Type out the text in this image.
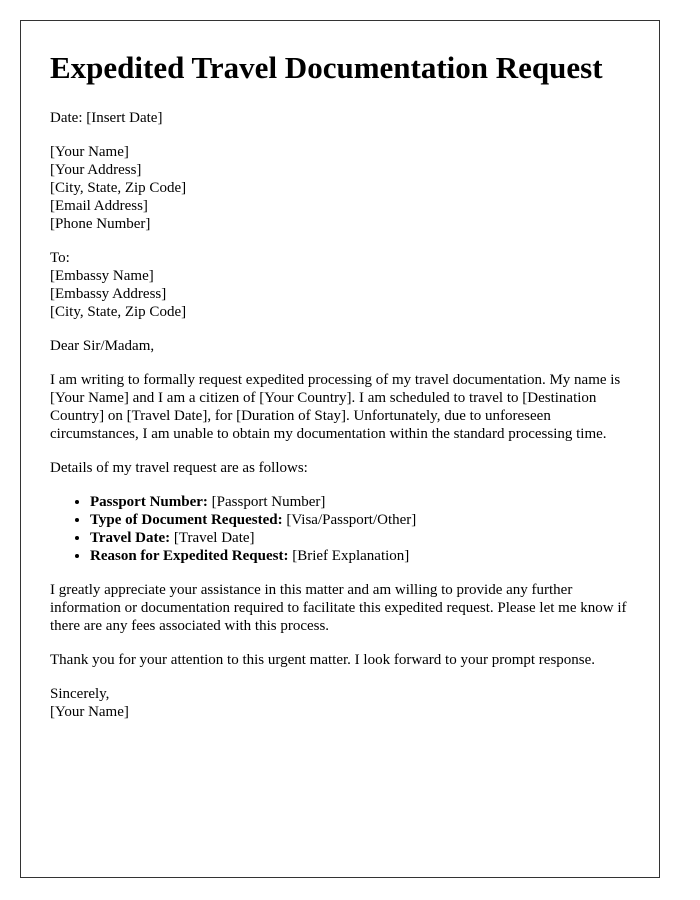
Expedited Travel Documentation Request

Date: [Insert Date]

[Your Name]
[Your Address]
[City, State, Zip Code]
[Email Address]
[Phone Number]

To:
[Embassy Name]
[Embassy Address]
[City, State, Zip Code]

Dear Sir/Madam,

I am writing to formally request expedited processing of my travel documentation. My name is [Your Name] and I am a citizen of [Your Country]. I am scheduled to travel to [Destination Country] on [Travel Date], for [Duration of Stay]. Unfortunately, due to unforeseen circumstances, I am unable to obtain my documentation within the standard processing time.

Details of my travel request are as follows:

• Passport Number: [Passport Number]
• Type of Document Requested: [Visa/Passport/Other]
• Travel Date: [Travel Date]
• Reason for Expedited Request: [Brief Explanation]

I greatly appreciate your assistance in this matter and am willing to provide any further information or documentation required to facilitate this expedited request. Please let me know if there are any fees associated with this process.

Thank you for your attention to this urgent matter. I look forward to your prompt response.

Sincerely,
[Your Name]
